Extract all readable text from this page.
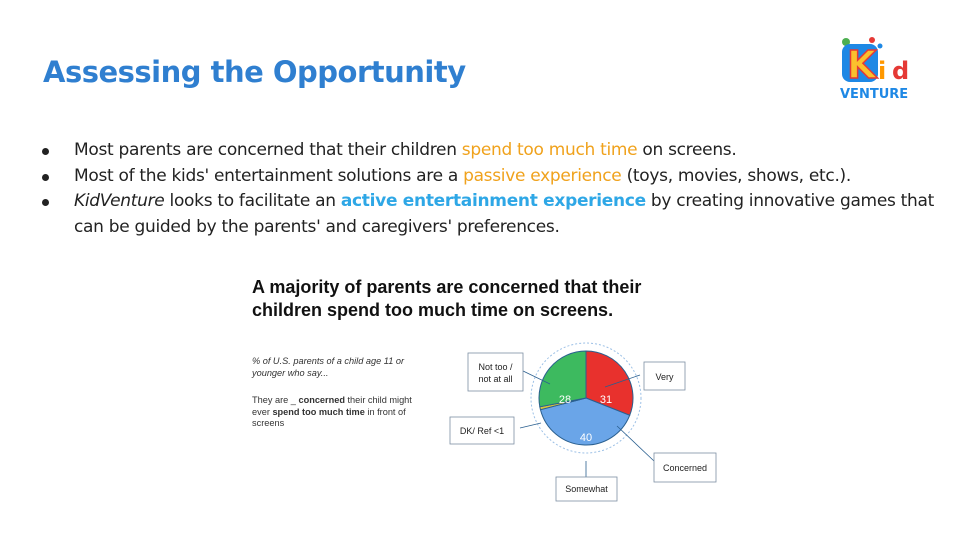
Assessing the Opportunity	K i d
VENTURE
Most parents are concerned that their children spend too much time on screens.
Most of the kids' entertainment solutions are a passive experience (toys, movies, shows, etc.).
KidVenture looks to facilitate an active entertainment experience by creating innovative games that can be guided by the parents' and caregivers' preferences.
A majority of parents are concerned that their
children spend too much time on screens.
% of U.S. parents of a child age 11 or younger who say...
They are _ concerned their child might ever spend too much time in front of screens
Very
Concerned
Somewhat
DK/ Ref <1
Not too /
not at all
31
40
28
